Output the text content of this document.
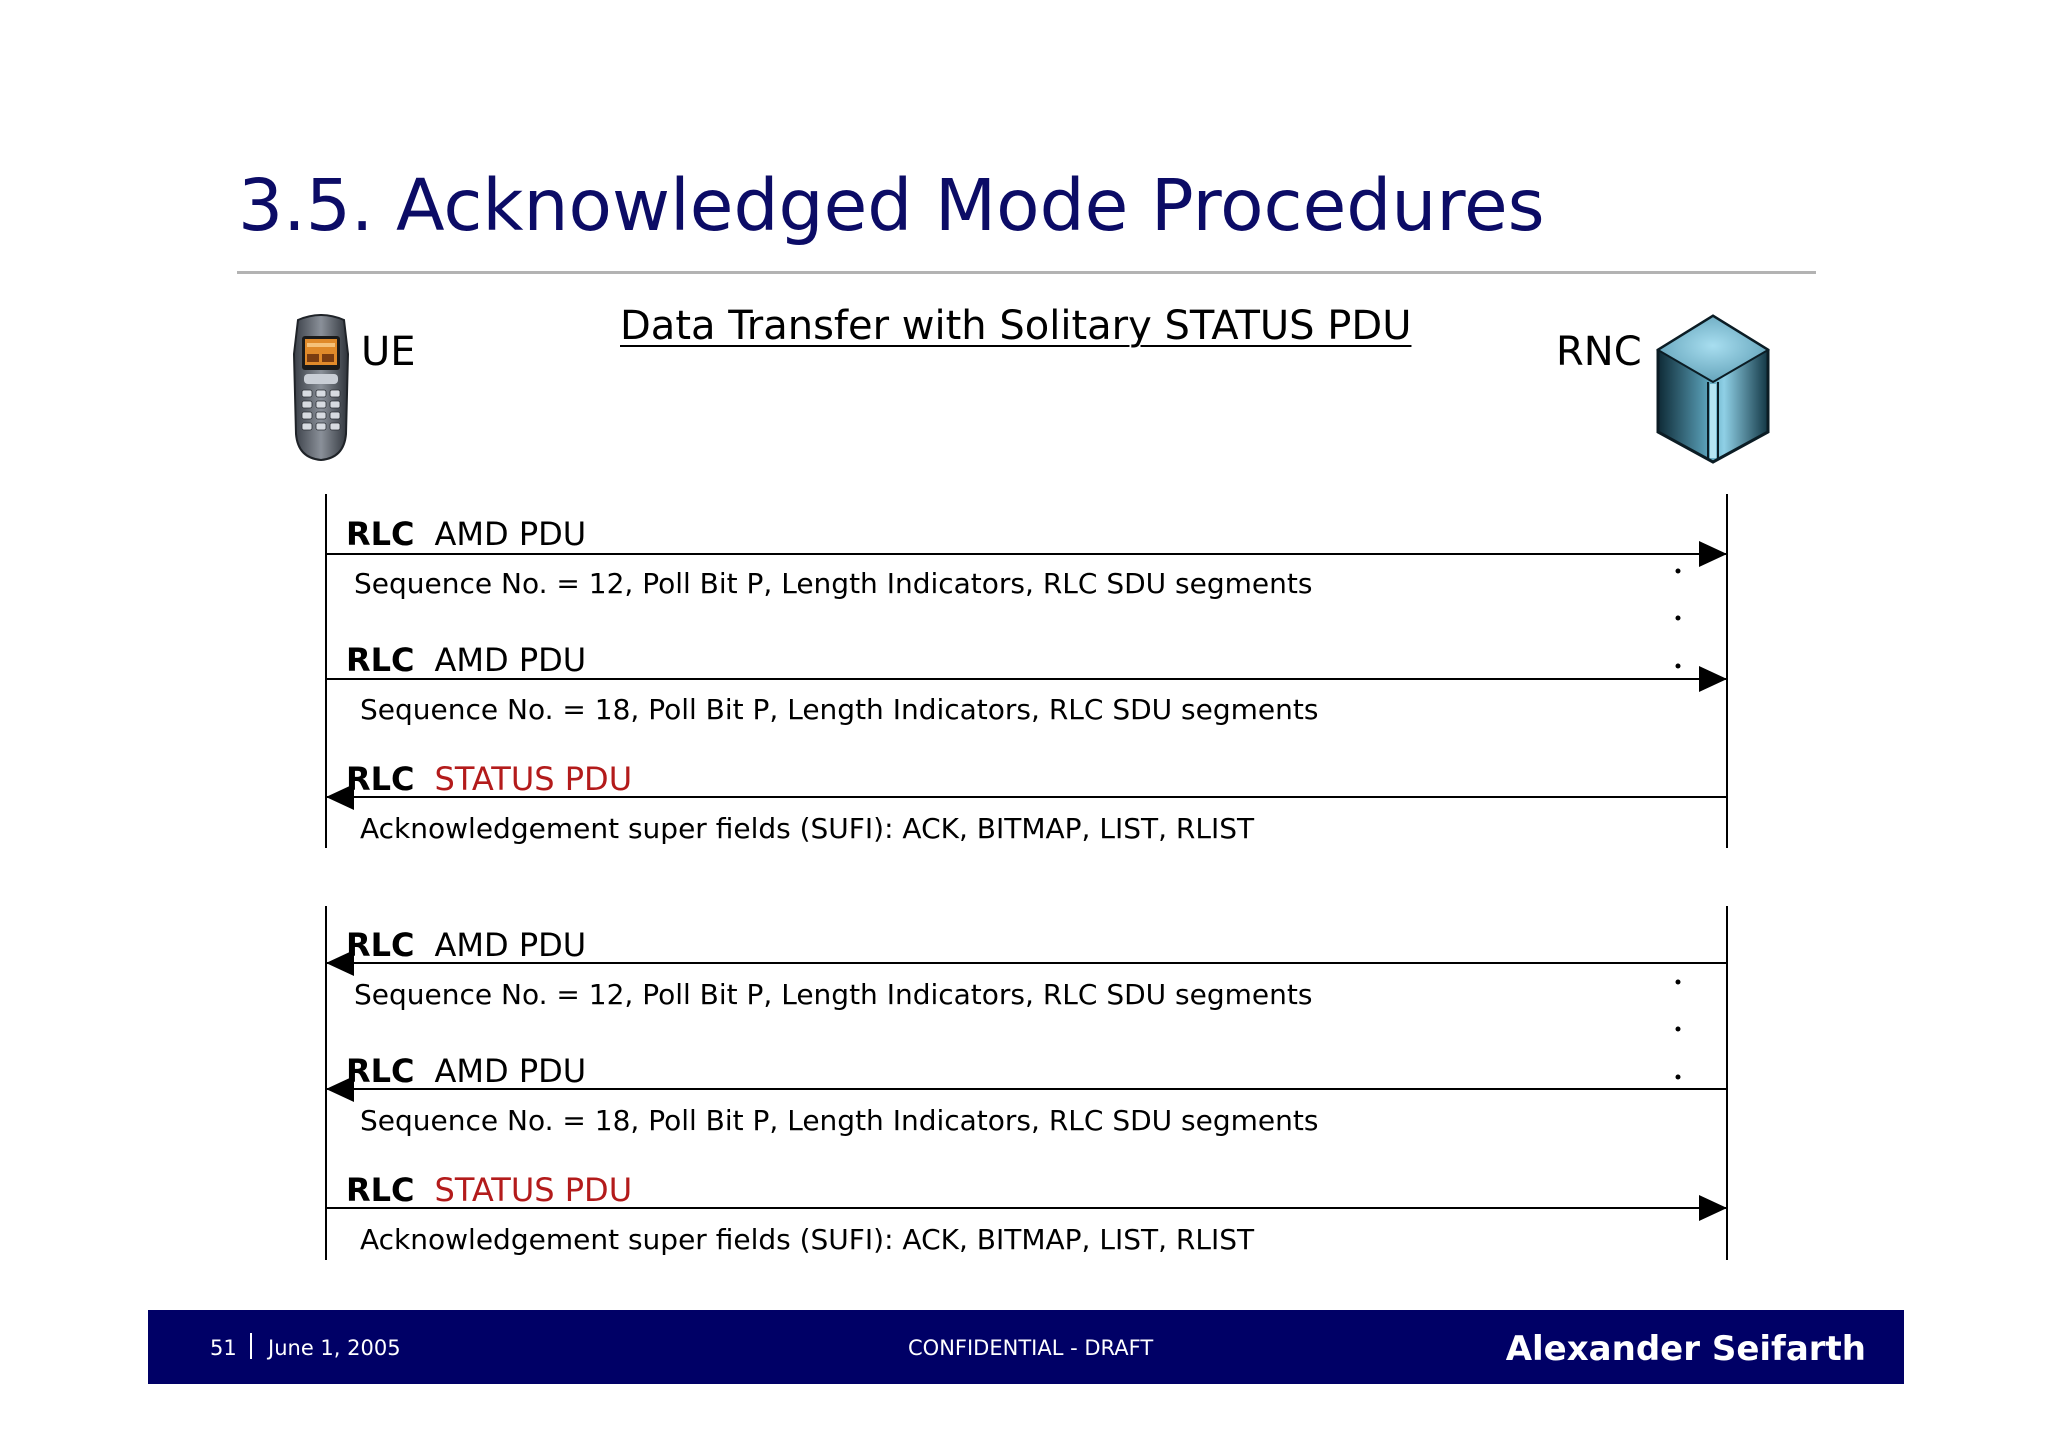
3.5. Acknowledged Mode Procedures
Data Transfer with Solitary STATUS PDU
UE	RNC
RLC AMD PDU
Sequence No. = 12, Poll Bit P, Length Indicators, RLC SDU segments
RLC AMD PDU
Sequence No. = 18, Poll Bit P, Length Indicators, RLC SDU segments
RLC STATUS PDU
Acknowledgement super fields (SUFI): ACK, BITMAP, LIST, RLIST
RLC AMD PDU
Sequence No. = 12, Poll Bit P, Length Indicators, RLC SDU segments
RLC AMD PDU
Sequence No. = 18, Poll Bit P, Length Indicators, RLC SDU segments
RLC STATUS PDU
Acknowledgement super fields (SUFI): ACK, BITMAP, LIST, RLIST
51 June 1, 2005	CONFIDENTIAL - DRAFT	Alexander Seifarth
